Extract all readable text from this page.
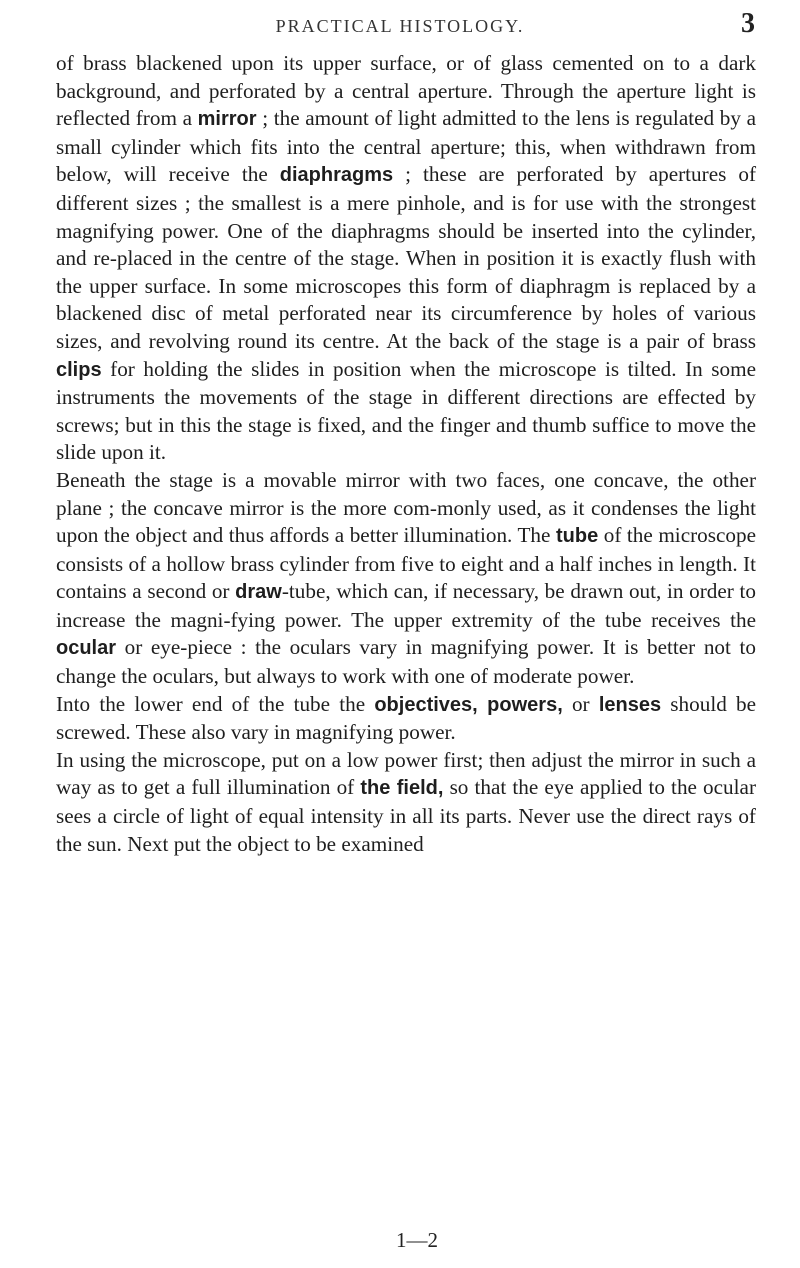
PRACTICAL HISTOLOGY.	3

of brass blackened upon its upper surface, or of glass cemented on to a dark background, and perforated by a central aperture. Through the aperture light is reflected from a mirror ; the amount of light admitted to the lens is regulated by a small cylinder which fits into the central aperture; this, when withdrawn from below, will receive the diaphragms ; these are perforated by apertures of different sizes ; the smallest is a mere pinhole, and is for use with the strongest magnifying power. One of the diaphragms should be inserted into the cylinder, and re-placed in the centre of the stage. When in position it is exactly flush with the upper surface. In some microscopes this form of diaphragm is replaced by a blackened disc of metal perforated near its circumference by holes of various sizes, and revolving round its centre. At the back of the stage is a pair of brass clips for holding the slides in position when the microscope is tilted. In some instruments the movements of the stage in different directions are effected by screws; but in this the stage is fixed, and the finger and thumb suffice to move the slide upon it.

Beneath the stage is a movable mirror with two faces, one concave, the other plane ; the concave mirror is the more com-monly used, as it condenses the light upon the object and thus affords a better illumination. The tube of the microscope consists of a hollow brass cylinder from five to eight and a half inches in length. It contains a second or draw-tube, which can, if necessary, be drawn out, in order to increase the magni-fying power. The upper extremity of the tube receives the ocular or eye-piece : the oculars vary in magnifying power. It is better not to change the oculars, but always to work with one of moderate power.

Into the lower end of the tube the objectives, powers, or lenses should be screwed. These also vary in magnifying power.

In using the microscope, put on a low power first; then adjust the mirror in such a way as to get a full illumination of the field, so that the eye applied to the ocular sees a circle of light of equal intensity in all its parts. Never use the direct rays of the sun. Next put the object to be examined

1—2
